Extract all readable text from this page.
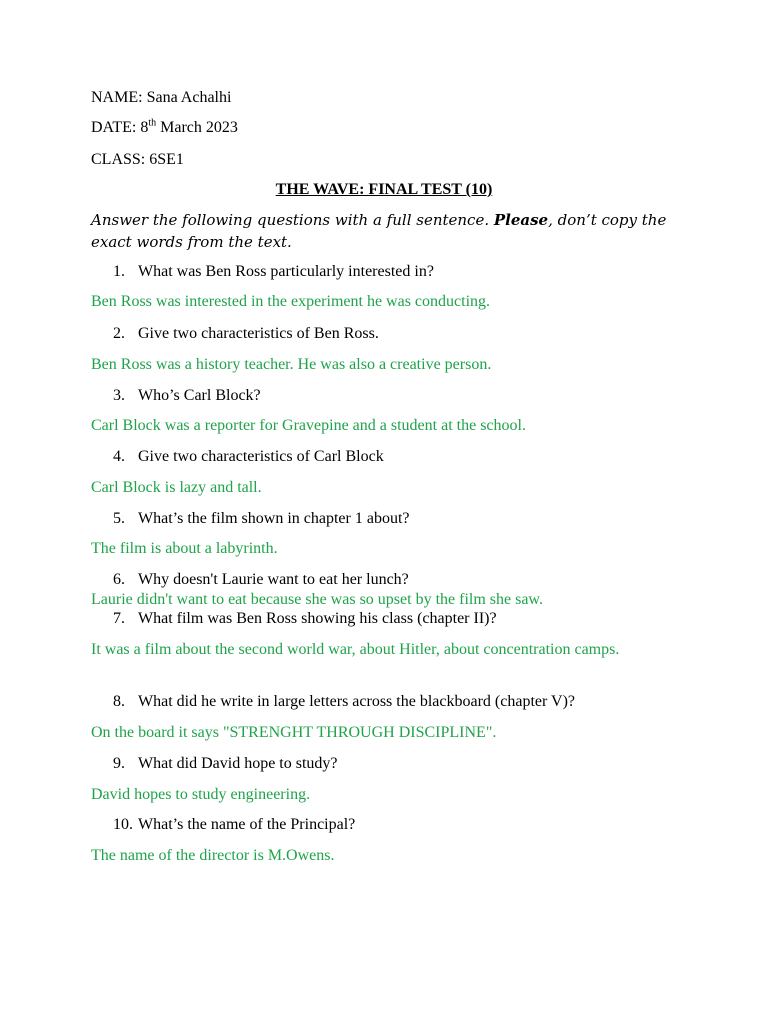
NAME: Sana Achalhi
DATE: 8th March 2023
CLASS: 6SE1
THE WAVE: FINAL TEST (10)
Answer the following questions with a full sentence. Please, don’t copy the exact words from the text.
1. What was Ben Ross particularly interested in?
Ben Ross was interested in the experiment he was conducting.
2. Give two characteristics of Ben Ross.
Ben Ross was a history teacher. He was also a creative person.
3. Who’s Carl Block?
Carl Block was a reporter for Gravepine and a student at the school.
4. Give two characteristics of Carl Block
Carl Block is lazy and tall.
5. What’s the film shown in chapter 1 about?
The film is about a labyrinth.
6. Why doesn't Laurie want to eat her lunch?
Laurie didn't want to eat because she was so upset by the film she saw.
7. What film was Ben Ross showing his class (chapter II)?
It was a film about the second world war, about Hitler, about concentration camps.
8. What did he write in large letters across the blackboard (chapter V)?
On the board it says "STRENGHT THROUGH DISCIPLINE".
9. What did David hope to study?
David hopes to study engineering.
10. What’s the name of the Principal?
The name of the director is M.Owens.
